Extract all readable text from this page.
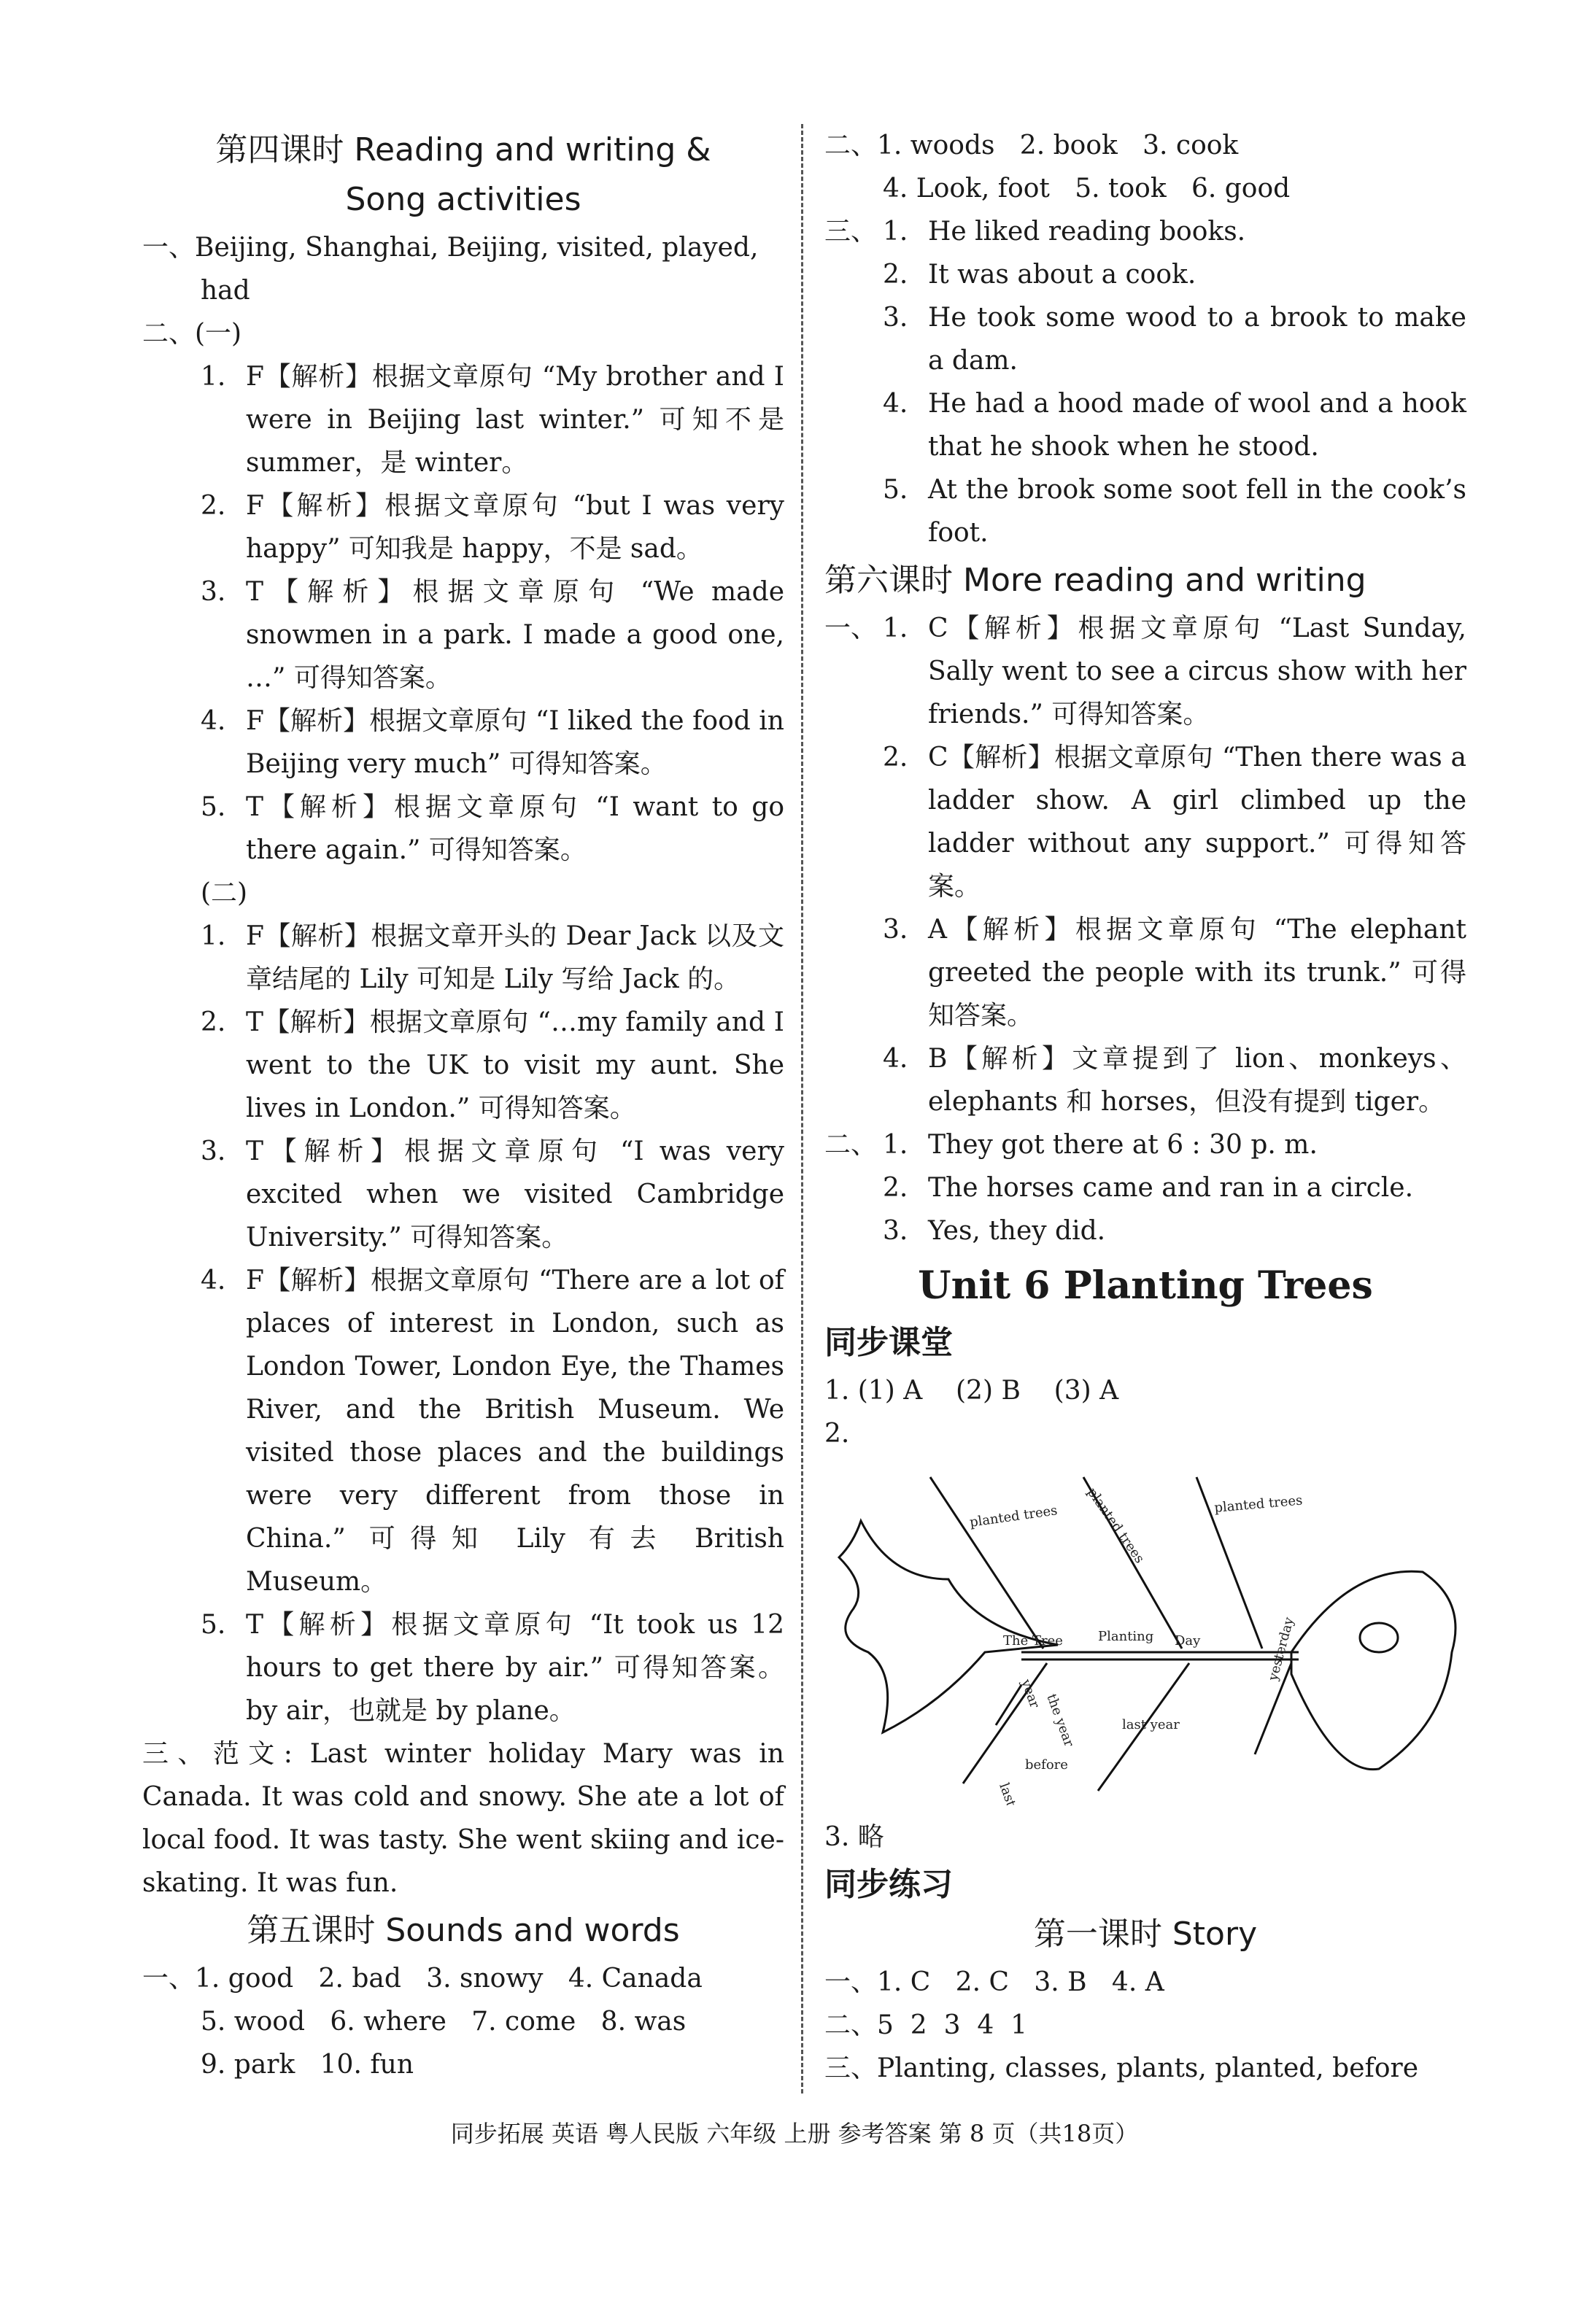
第四课时 Reading and writing &
Song activities
一、Beijing, Shanghai, Beijing, visited, played,
had
二、(一)
1. F【解析】根据文章原句 “My brother and I were in Beijing last winter.” 可知不是 summer，是 winter。
2. F【解析】根据文章原句 “but I was very happy” 可知我是 happy，不是 sad。
3. T【解析】根据文章原句 “We made snowmen in a park. I made a good one, …” 可得知答案。
4. F【解析】根据文章原句 “I liked the food in Beijing very much” 可得知答案。
5. T【解析】根据文章原句 “I want to go there again.” 可得知答案。
(二)
1. F【解析】根据文章开头的 Dear Jack 以及文章结尾的 Lily 可知是 Lily 写给 Jack 的。
2. T【解析】根据文章原句 “…my family and I went to the UK to visit my aunt. She lives in London.” 可得知答案。
3. T【解析】根据文章原句 “I was very excited when we visited Cambridge University.” 可得知答案。
4. F【解析】根据文章原句 “There are a lot of places of interest in London, such as London Tower, London Eye, the Thames River, and the British Museum. We visited those places and the buildings were very different from those in China.” 可得知 Lily 有去 British Museum。
5. T【解析】根据文章原句 “It took us 12 hours to get there by air.” 可得知答案。by air，也就是 by plane。
三、范文: Last winter holiday Mary was in Canada. It was cold and snowy. She ate a lot of local food. It was tasty. She went skiing and ice-skating. It was fun.
第五课时 Sounds and words
一、1. good   2. bad   3. snowy   4. Canada
5. wood   6. where   7. come   8. was
9. park   10. fun
二、1. woods   2. book   3. cook
4. Look, foot   5. took   6. good
三、 1. He liked reading books.
2. It was about a cook.
3. He took some wood to a brook to make a dam.
4. He had a hood made of wool and a hook that he shook when he stood.
5. At the brook some soot fell in the cook’s foot.
第六课时 More reading and writing
一、 1. C【解析】根据文章原句 “Last Sunday, Sally went to see a circus show with her friends.” 可得知答案。
2. C【解析】根据文章原句 “Then there was a ladder show. A girl climbed up the ladder without any support.” 可得知答案。
3. A【解析】根据文章原句 “The elephant greeted the people with its trunk.” 可得知答案。
4. B【解析】文章提到了 lion、monkeys、elephants 和 horses，但没有提到 tiger。
二、 1. They got there at 6 : 30 p. m.
2. The horses came and ran in a circle.
3. Yes, they did.
Unit 6 Planting Trees
同步课堂
1. (1) A    (2) B    (3) A
2.
planted trees planted trees	planted trees
The Tree	Planting Day
year the year	last year
yesterday
before
last
3. 略
同步练习
第一课时 Story
一、1. C   2. C   3. B   4. A
二、5  2  3  4  1
三、Planting, classes, plants, planted, before
同步拓展 英语 粤人民版 六年级 上册 参考答案 第 8 页（共18页）
